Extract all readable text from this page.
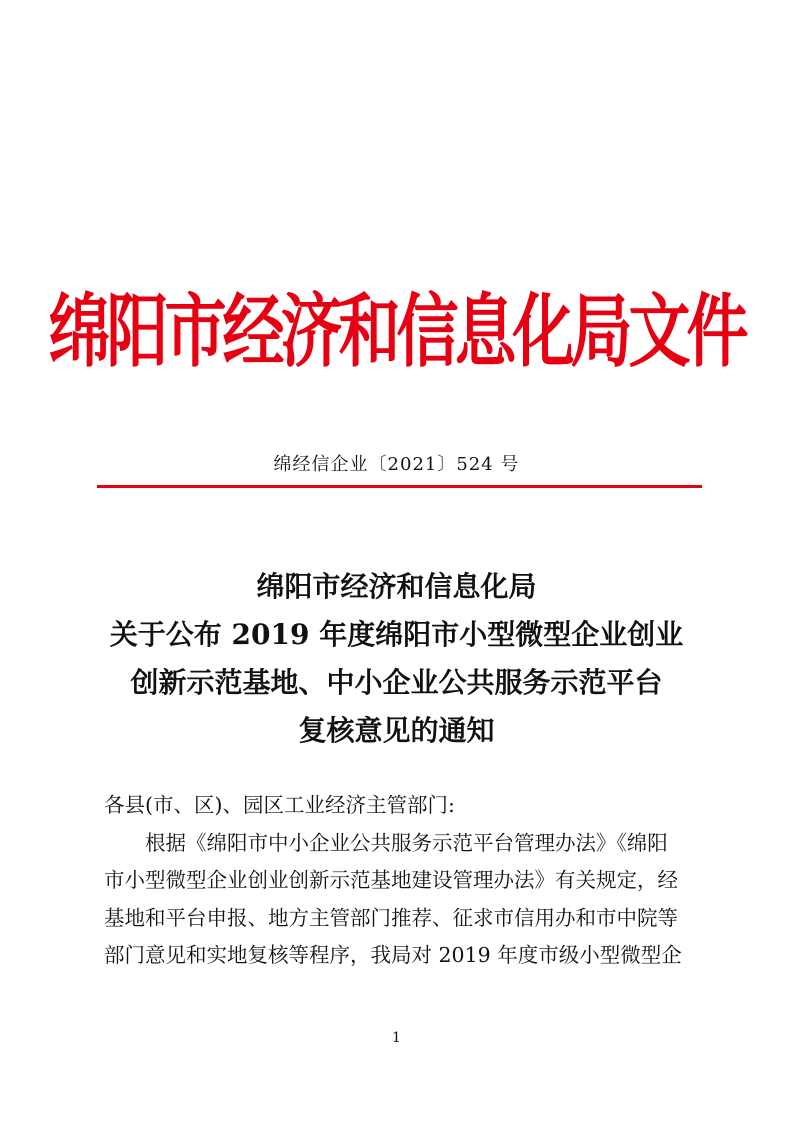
绵阳市经济和信息化局文件
绵经信企业〔2021〕524 号
绵阳市经济和信息化局
关于公布 2019 年度绵阳市小型微型企业创业
创新示范基地、中小企业公共服务示范平台
复核意见的通知
各县(市、区)、园区工业经济主管部门:
根据《绵阳市中小企业公共服务示范平台管理办法》《绵阳
市小型微型企业创业创新示范基地建设管理办法》有关规定，经
基地和平台申报、地方主管部门推荐、征求市信用办和市中院等
部门意见和实地复核等程序，我局对 2019 年度市级小型微型企
1
